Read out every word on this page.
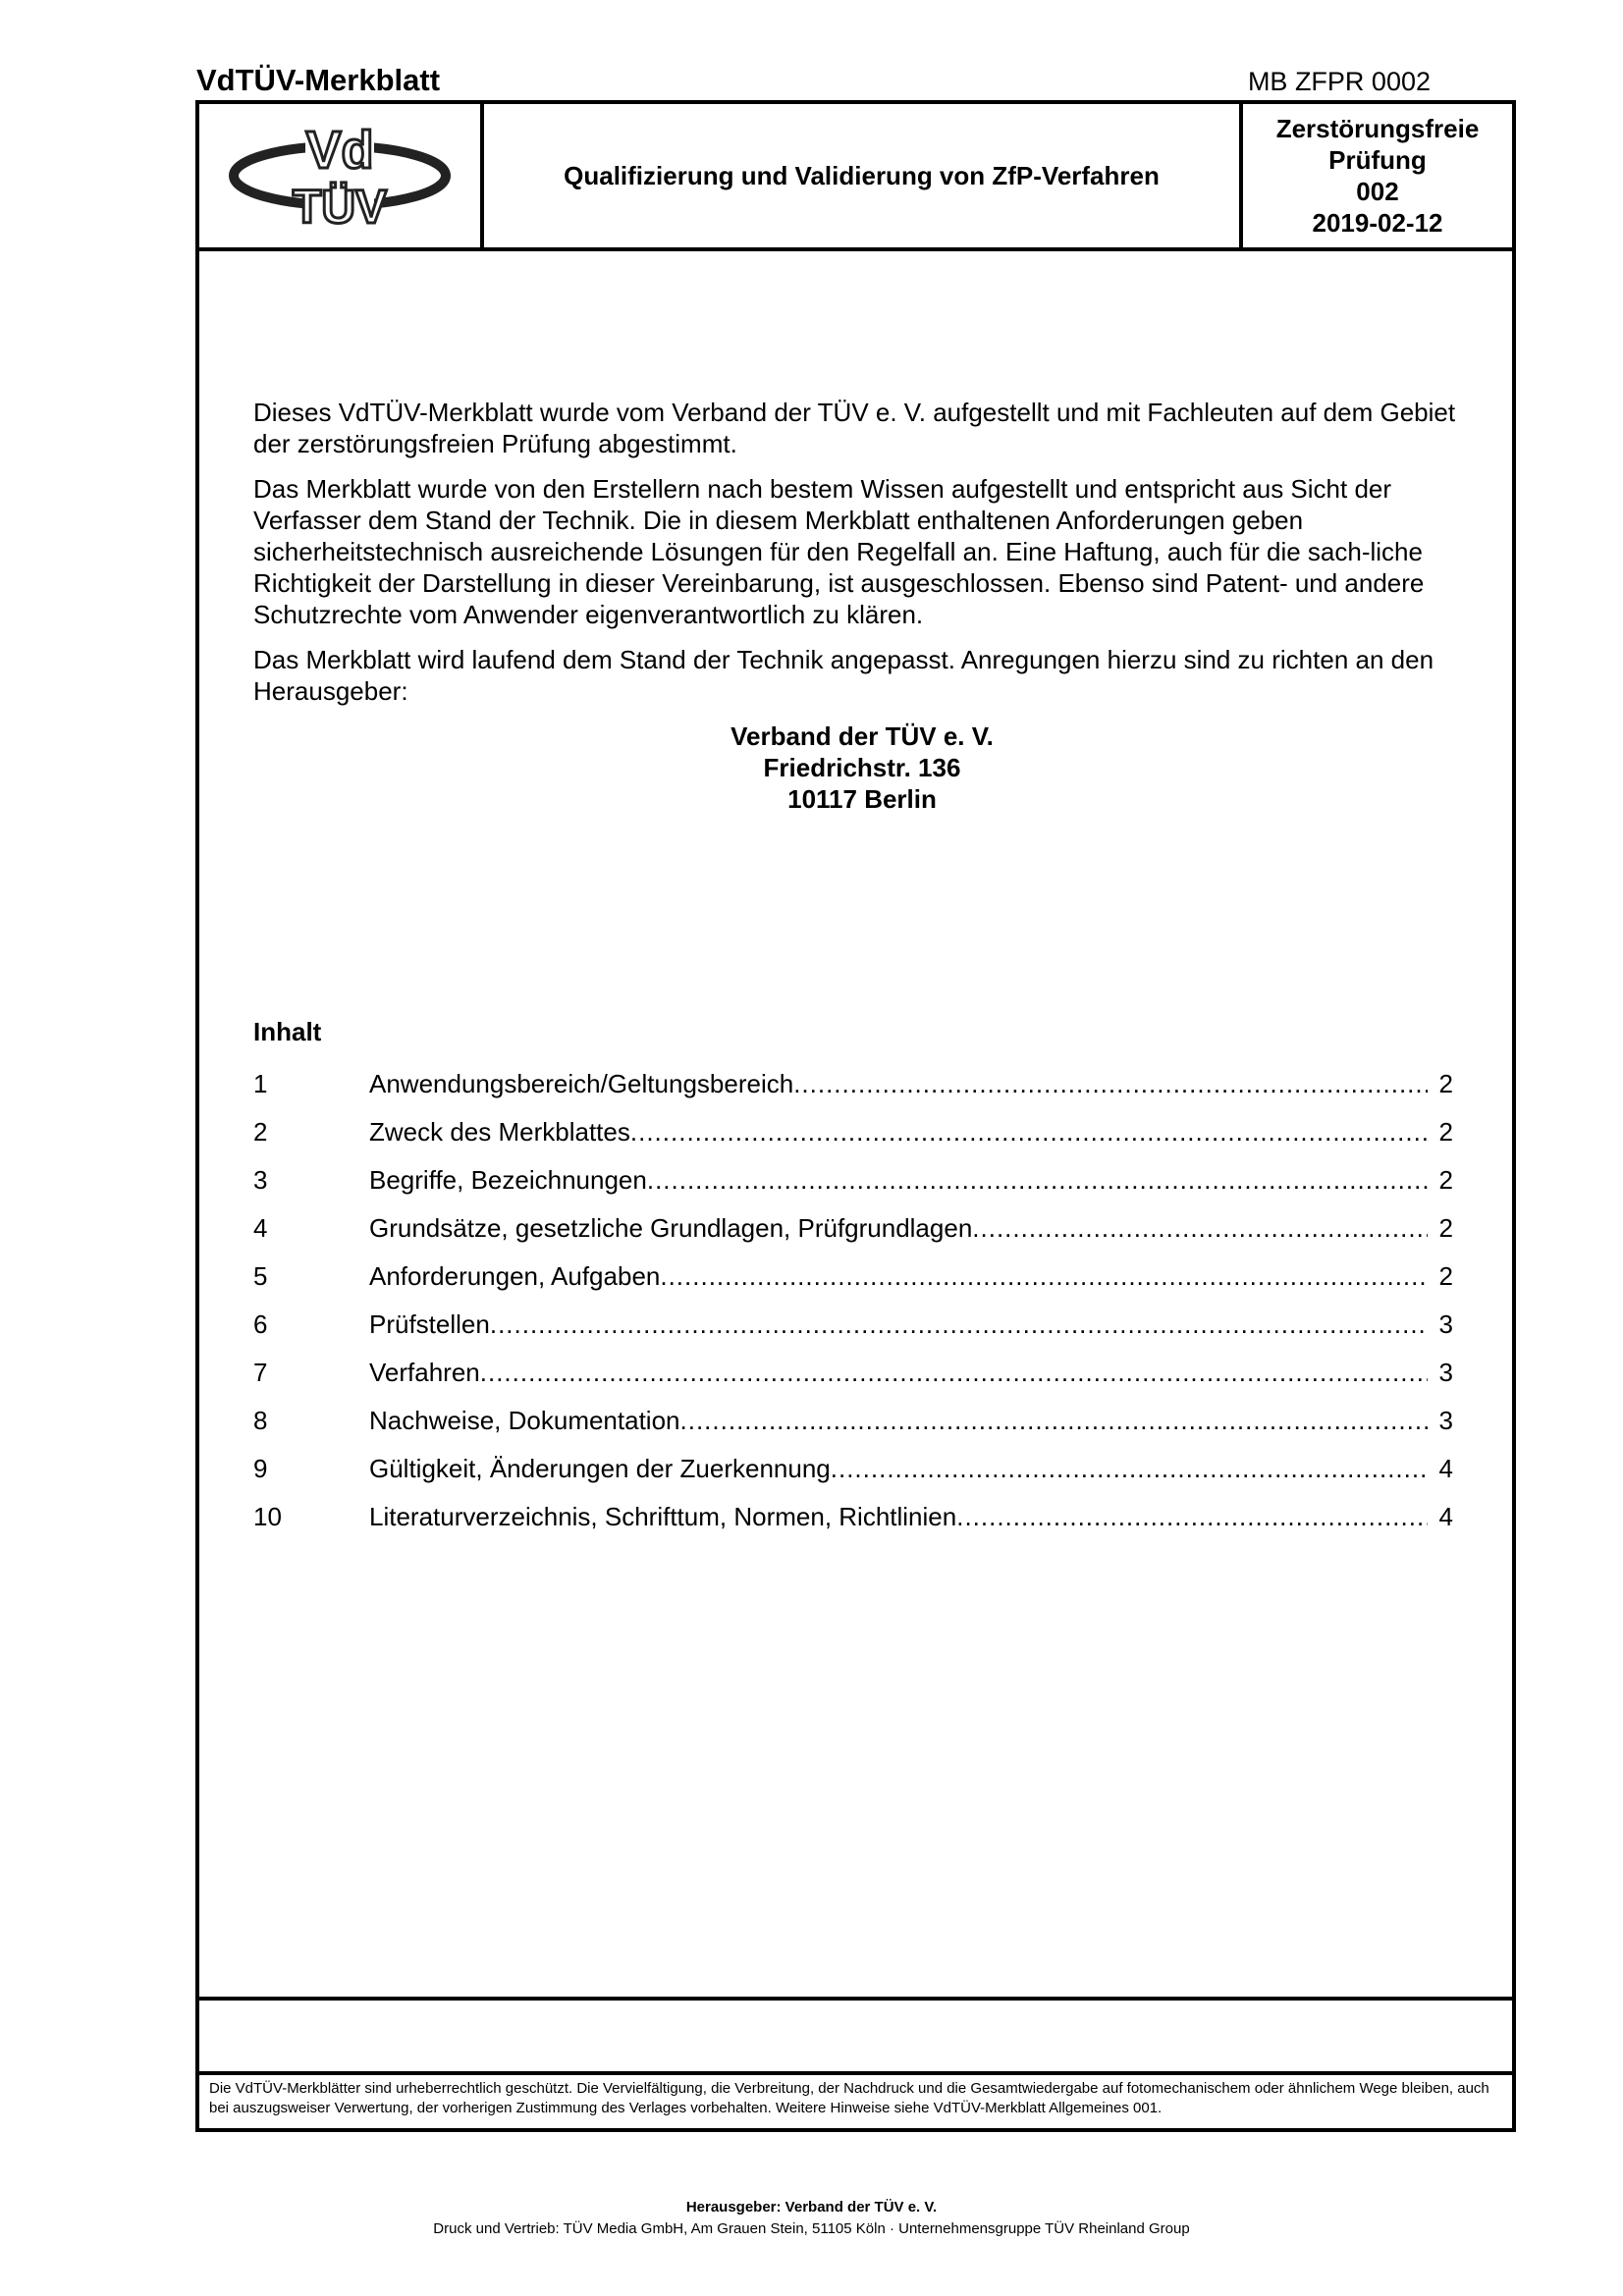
VdTÜV-Merkblatt	MB ZFPR 0002
Vd
TÜV
Qualifizierung und Validierung von ZfP-Verfahren
Zerstörungsfreie
Prüfung
002
2019-02-12

Dieses VdTÜV-Merkblatt wurde vom Verband der TÜV e. V. aufgestellt und mit Fachleuten auf dem Gebiet der zerstörungsfreien Prüfung abgestimmt.

Das Merkblatt wurde von den Erstellern nach bestem Wissen aufgestellt und entspricht aus Sicht der Verfasser dem Stand der Technik. Die in diesem Merkblatt enthaltenen Anforderungen geben sicherheitstechnisch ausreichende Lösungen für den Regelfall an. Eine Haftung, auch für die sach-liche Richtigkeit der Darstellung in dieser Vereinbarung, ist ausgeschlossen. Ebenso sind Patent- und andere Schutzrechte vom Anwender eigenverantwortlich zu klären.

Das Merkblatt wird laufend dem Stand der Technik angepasst. Anregungen hierzu sind zu richten an den Herausgeber:

Verband der TÜV e. V.
Friedrichstr. 136
10117 Berlin
Inhalt
1	Anwendungsbereich/Geltungsbereich .....	2
2	Zweck des Merkblattes .....	2
3	Begriffe, Bezeichnungen .....	2
4	Grundsätze, gesetzliche Grundlagen, Prüfgrundlagen .....	2
5	Anforderungen, Aufgaben .....	2
6	Prüfstellen .....	3
7	Verfahren .....	3
8	Nachweise, Dokumentation .....	3
9	Gültigkeit, Änderungen der Zuerkennung .....	4
10	Literaturverzeichnis, Schrifttum, Normen, Richtlinien .....	4
Die VdTÜV-Merkblätter sind urheberrechtlich geschützt. Die Vervielfältigung, die Verbreitung, der Nachdruck und die Gesamtwiedergabe auf fotomechanischem oder ähnlichem Wege bleiben, auch bei auszugsweiser Verwertung, der vorherigen Zustimmung des Verlages vorbehalten. Weitere Hinweise siehe VdTÜV-Merkblatt Allgemeines 001.
Herausgeber: Verband der TÜV e. V.
Druck und Vertrieb: TÜV Media GmbH, Am Grauen Stein, 51105 Köln · Unternehmensgruppe TÜV Rheinland Group
